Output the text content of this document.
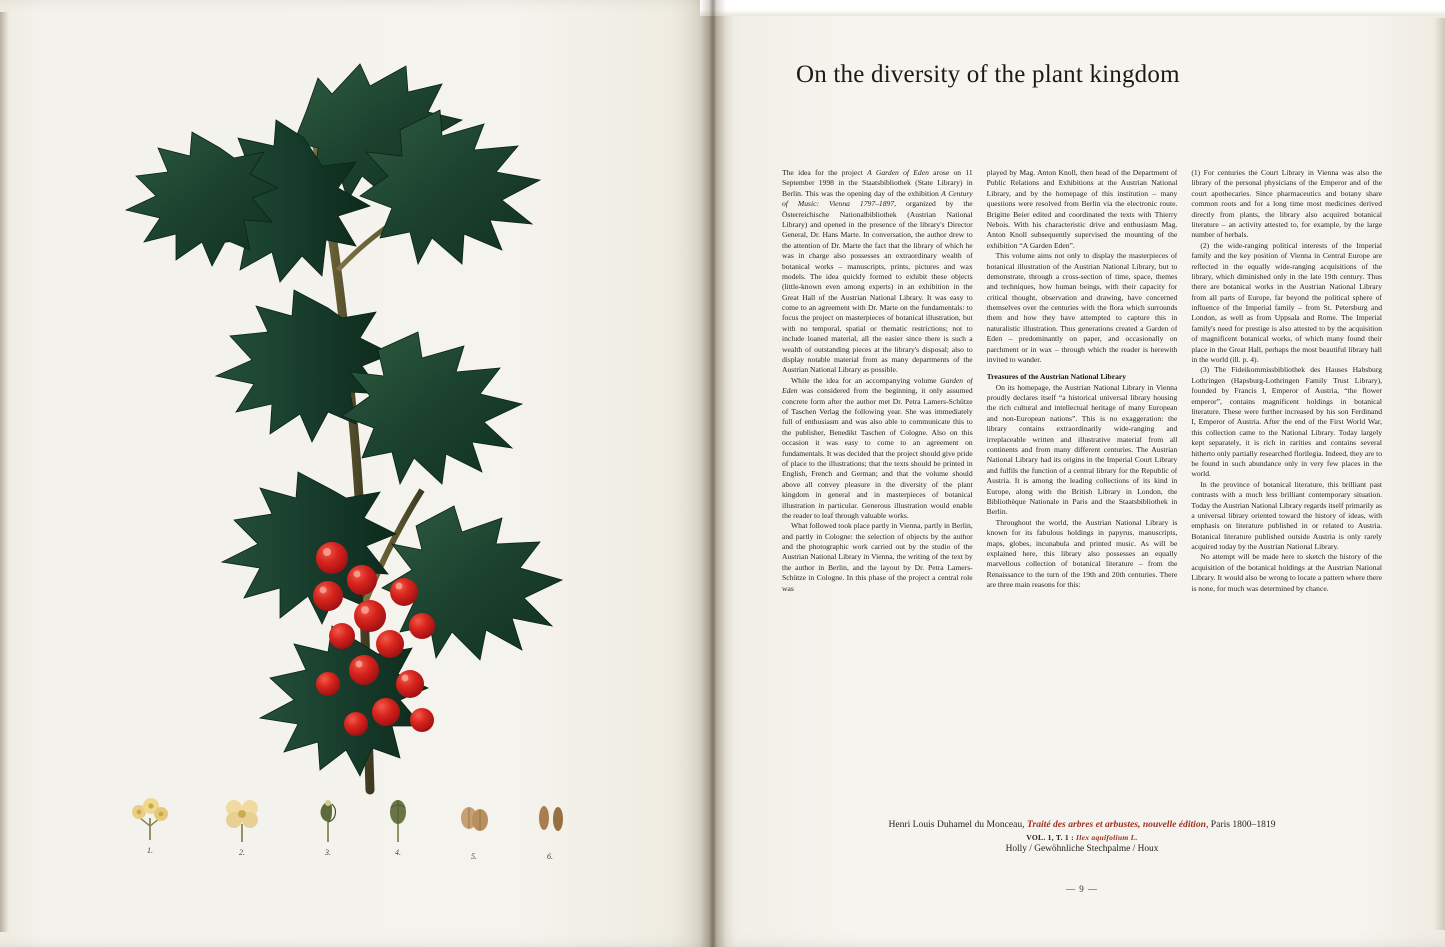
1.	2.	3.	4.	5.	6.
On the diversity of the plant kingdom

The idea for the project A Garden of Eden arose on 11 September 1998 in the Staatsbibliothek (State Library) in Berlin. This was the opening day of the exhibition A Century of Music: Vienna 1797–1897, organized by the Österreichische Nationalbibliothek (Austrian National Library) and opened in the presence of the library's Director General, Dr. Hans Marte. In conversation, the author drew to the attention of Dr. Marte the fact that the library of which he was in charge also possesses an extraordinary wealth of botanical works – manuscripts, prints, pictures and wax models. The idea quickly formed to exhibit these objects (little-known even among experts) in an exhibition in the Great Hall of the Austrian National Library. It was easy to come to an agreement with Dr. Marte on the fundamentals: to focus the project on masterpieces of botanical illustration, but with no temporal, spatial or thematic restrictions; not to include loaned material, all the easier since there is such a wealth of outstanding pieces at the library's disposal; also to display notable material from as many departments of the Austrian National Library as possible.

While the idea for an accompanying volume Garden of Eden was considered from the beginning, it only assumed concrete form after the author met Dr. Petra Lamers-Schütze of Taschen Verlag the following year. She was immediately full of enthusiasm and was also able to communicate this to the publisher, Benedikt Taschen of Cologne. Also on this occasion it was easy to come to an agreement on fundamentals. It was decided that the project should give pride of place to the illustrations; that the texts should be printed in English, French and German; and that the volume should above all convey pleasure in the diversity of the plant kingdom in general and in masterpieces of botanical illustration in particular. Generous illustration would enable the reader to leaf through valuable works.

What followed took place partly in Vienna, partly in Berlin, and partly in Cologne: the selection of objects by the author and the photographic work carried out by the studio of the Austrian National Library in Vienna, the writing of the text by the author in Berlin, and the layout by Dr. Petra Lamers-Schütze in Cologne. In this phase of the project a central role was

played by Mag. Anton Knoll, then head of the Department of Public Relations and Exhibitions at the Austrian National Library, and by the homepage of this institution – many questions were resolved from Berlin via the electronic route. Brigitte Beier edited and coordinated the texts with Thierry Nebois. With his characteristic drive and enthusiasm Mag. Anton Knoll subsequently supervised the mounting of the exhibition “A Garden Eden”.

This volume aims not only to display the masterpieces of botanical illustration of the Austrian National Library, but to demonstrate, through a cross-section of time, space, themes and techniques, how human beings, with their capacity for critical thought, observation and drawing, have concerned themselves over the centuries with the flora which surrounds them and how they have attempted to capture this in naturalistic illustration. Thus generations created a Garden of Eden – predominantly on paper, and occasionally on parchment or in wax – through which the reader is herewith invited to wander.

Treasures of the Austrian National Library

On its homepage, the Austrian National Library in Vienna proudly declares itself “a historical universal library housing the rich cultural and intellectual heritage of many European and non-European nations”. This is no exaggeration: the library contains extraordinarily wide-ranging and irreplaceable written and illustrative material from all continents and from many different centuries. The Austrian National Library had its origins in the Imperial Court Library and fulfils the function of a central library for the Republic of Austria. It is among the leading collections of its kind in Europe, along with the British Library in London, the Bibliothèque Nationale in Paris and the Staatsbibliothek in Berlin.

Throughout the world, the Austrian National Library is known for its fabulous holdings in papyrus, manuscripts, maps, globes, incunabula and printed music. As will be explained here, this library also possesses an equally marvellous collection of botanical literature – from the Renaissance to the turn of the 19th and 20th centuries. There are three main reasons for this:

(1) For centuries the Court Library in Vienna was also the library of the personal physicians of the Emperor and of the court apothecaries. Since pharmaceutics and botany share common roots and for a long time most medicines derived directly from plants, the library also acquired botanical literature – an activity attested to, for example, by the large number of herbals.

(2) the wide-ranging political interests of the Imperial family and the key position of Vienna in Central Europe are reflected in the equally wide-ranging acquisitions of the library, which diminished only in the late 19th century. Thus there are botanical works in the Austrian National Library from all parts of Europe, far beyond the political sphere of influence of the Imperial family – from St. Petersburg and London, as well as from Uppsala and Rome. The Imperial family's need for prestige is also attested to by the acquisition of magnificent botanical works, of which many found their place in the Great Hall, perhaps the most beautiful library hall in the world (ill. p. 4).

(3) The Fideikommissbibliothek des Hauses Habsburg Lothringen (Hapsburg-Lothringen Family Trust Library), founded by Francis I, Emperor of Austria, “the flower emperor”, contains magnificent holdings in botanical literature. These were further increased by his son Ferdinand I, Emperor of Austria. After the end of the First World War, this collection came to the National Library. Today largely kept separately, it is rich in rarities and contains several hitherto only partially researched florilegia. Indeed, they are to be found in such abundance only in very few places in the world.

In the province of botanical literature, this brilliant past contrasts with a much less brilliant contemporary situation. Today the Austrian National Library regards itself primarily as a universal library oriented toward the history of ideas, with emphasis on literature published in or related to Austria. Botanical literature published outside Austria is only rarely acquired today by the Austrian National Library.

No attempt will be made here to sketch the history of the acquisition of the botanical holdings at the Austrian National Library. It would also be wrong to locate a pattern where there is none, for much was determined by chance.

Henri Louis Duhamel du Monceau, Traité des arbres et arbustes, nouvelle édition, Paris 1800–1819
VOL. 1, T. 1 : Ilex aquifolium L.
Holly / Gewöhnliche Stechpalme / Houx
— 9 —
